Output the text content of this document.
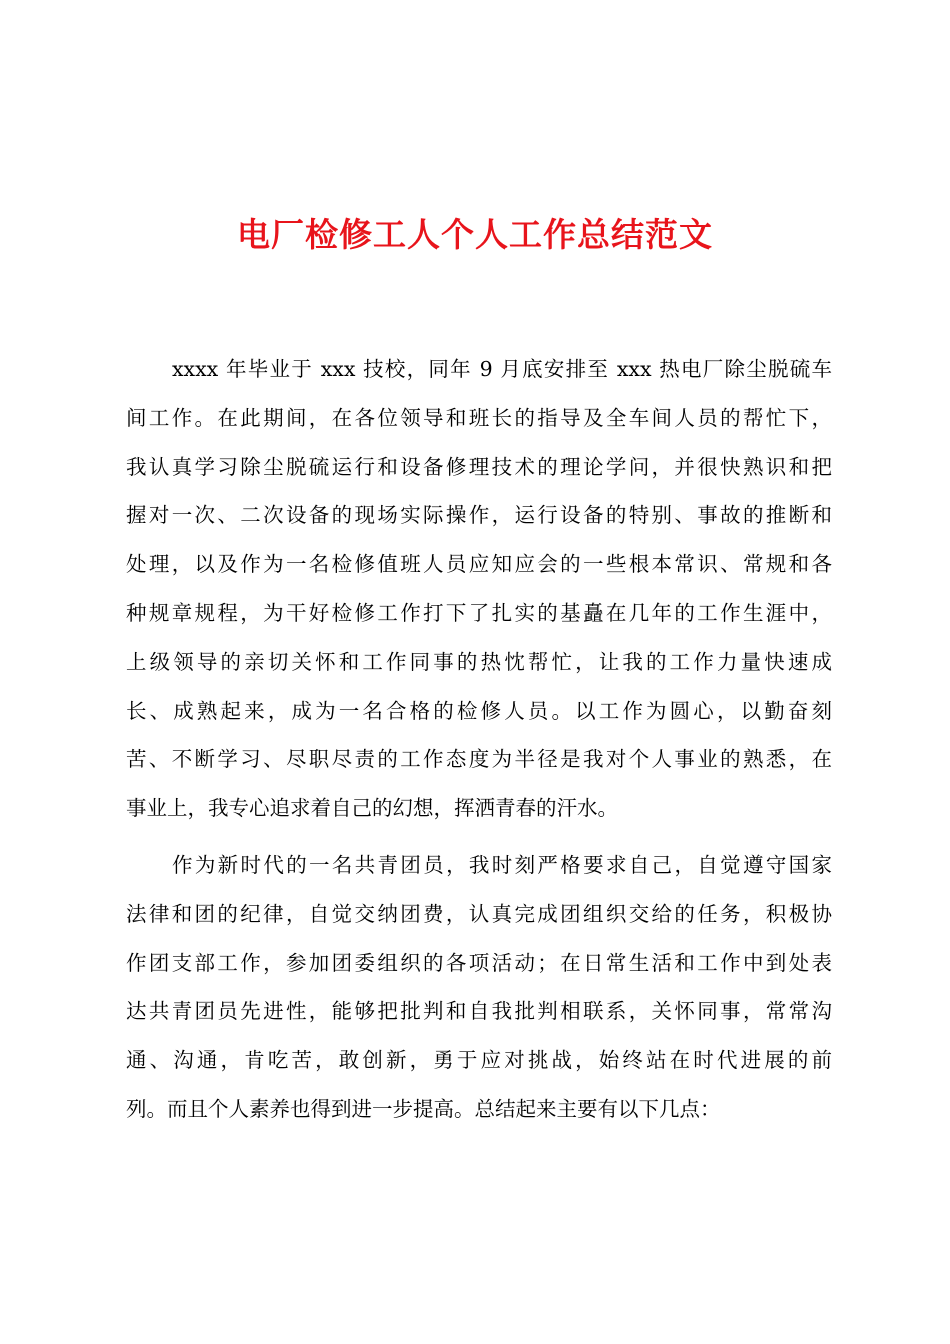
电厂检修工人个人工作总结范文
xxxx 年毕业于 xxx 技校，同年 9 月底安排至 xxx 热电厂除尘脱硫车
间工作。在此期间，在各位领导和班长的指导及全车间人员的帮忙下，
我认真学习除尘脱硫运行和设备修理技术的理论学问，并很快熟识和把
握对一次、二次设备的现场实际操作，运行设备的特别、事故的推断和
处理，以及作为一名检修值班人员应知应会的一些根本常识、常规和各
种规章规程，为干好检修工作打下了扎实的基矗在几年的工作生涯中，
上级领导的亲切关怀和工作同事的热忱帮忙，让我的工作力量快速成
长、成熟起来，成为一名合格的检修人员。以工作为圆心，以勤奋刻
苦、不断学习、尽职尽责的工作态度为半径是我对个人事业的熟悉，在
事业上，我专心追求着自己的幻想，挥洒青春的汗水。
作为新时代的一名共青团员，我时刻严格要求自己，自觉遵守国家
法律和团的纪律，自觉交纳团费，认真完成团组织交给的任务，积极协
作团支部工作，参加团委组织的各项活动；在日常生活和工作中到处表
达共青团员先进性，能够把批判和自我批判相联系，关怀同事，常常沟
通、沟通，肯吃苦，敢创新，勇于应对挑战，始终站在时代进展的前
列。而且个人素养也得到进一步提高。总结起来主要有以下几点：
